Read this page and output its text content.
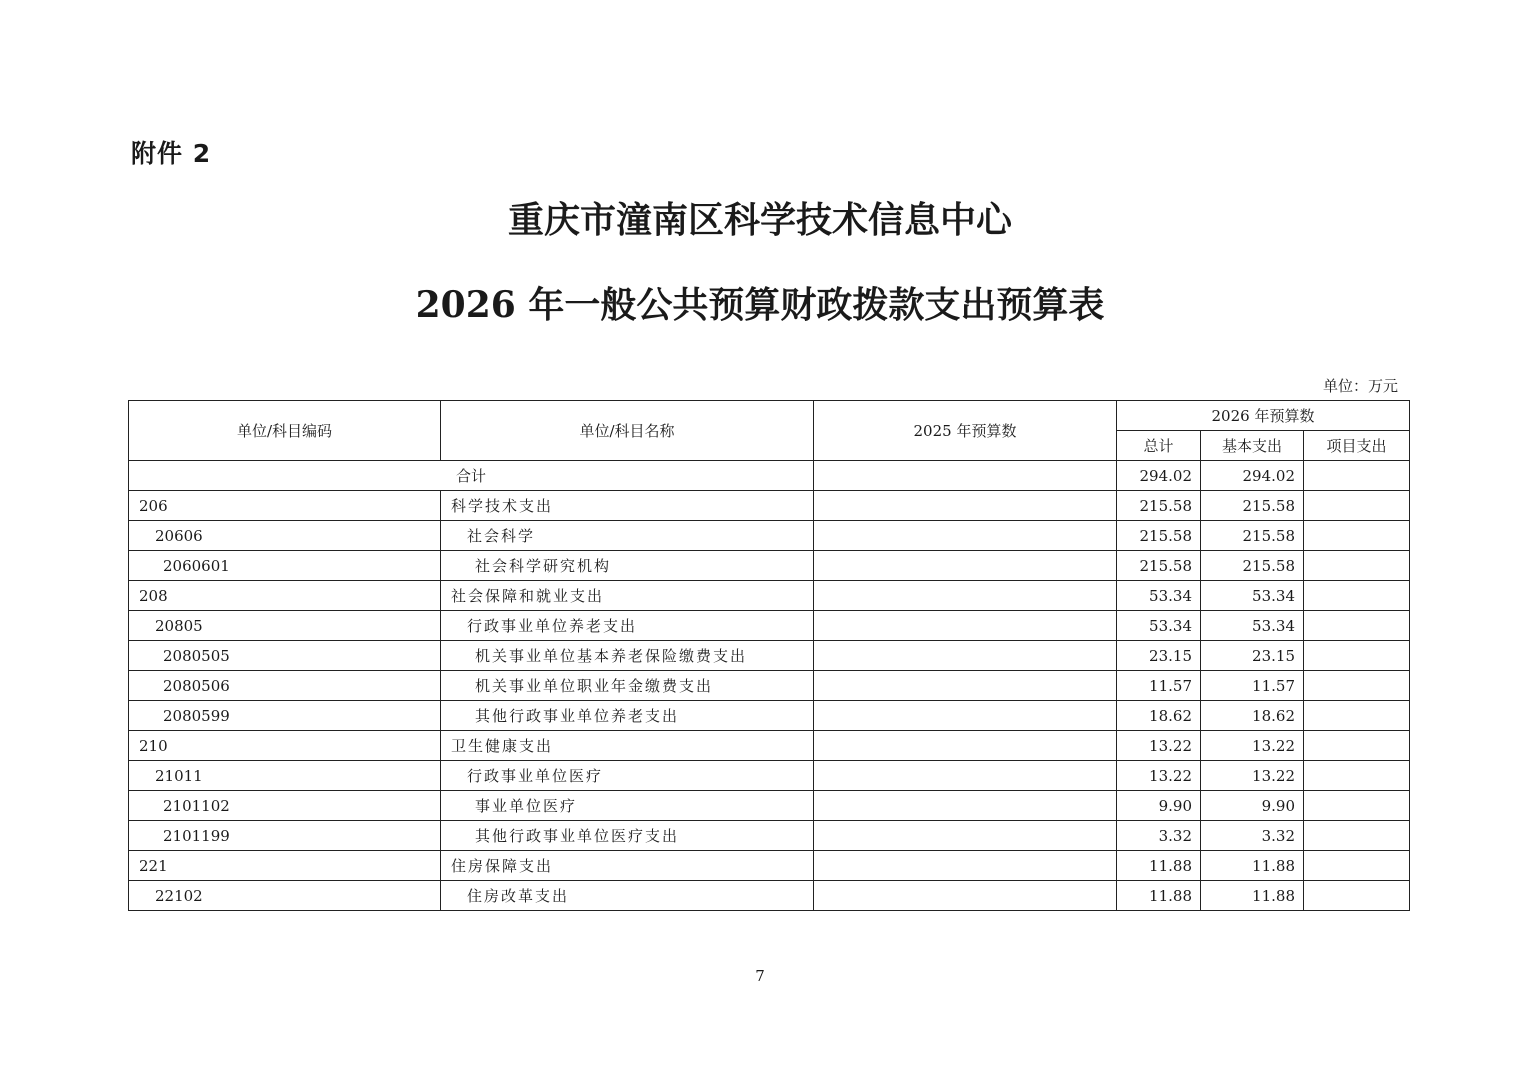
附件 2
重庆市潼南区科学技术信息中心
2026 年一般公共预算财政拨款支出预算表
单位：万元
单位/科目编码	单位/科目名称	2025 年预算数	2026 年预算数		
			总计	基本支出	项目支出
合计			294.02	294.02	
206	科学技术支出		215.58	215.58	
20606	社会科学		215.58	215.58	
2060601	社会科学研究机构		215.58	215.58	
208	社会保障和就业支出		53.34	53.34	
20805	行政事业单位养老支出		53.34	53.34	
2080505	机关事业单位基本养老保险缴费支出		23.15	23.15	
2080506	机关事业单位职业年金缴费支出		11.57	11.57	
2080599	其他行政事业单位养老支出		18.62	18.62	
210	卫生健康支出		13.22	13.22	
21011	行政事业单位医疗		13.22	13.22	
2101102	事业单位医疗		9.90	9.90	
2101199	其他行政事业单位医疗支出		3.32	3.32	
221	住房保障支出		11.88	11.88	
22102	住房改革支出		11.88	11.88	
7
